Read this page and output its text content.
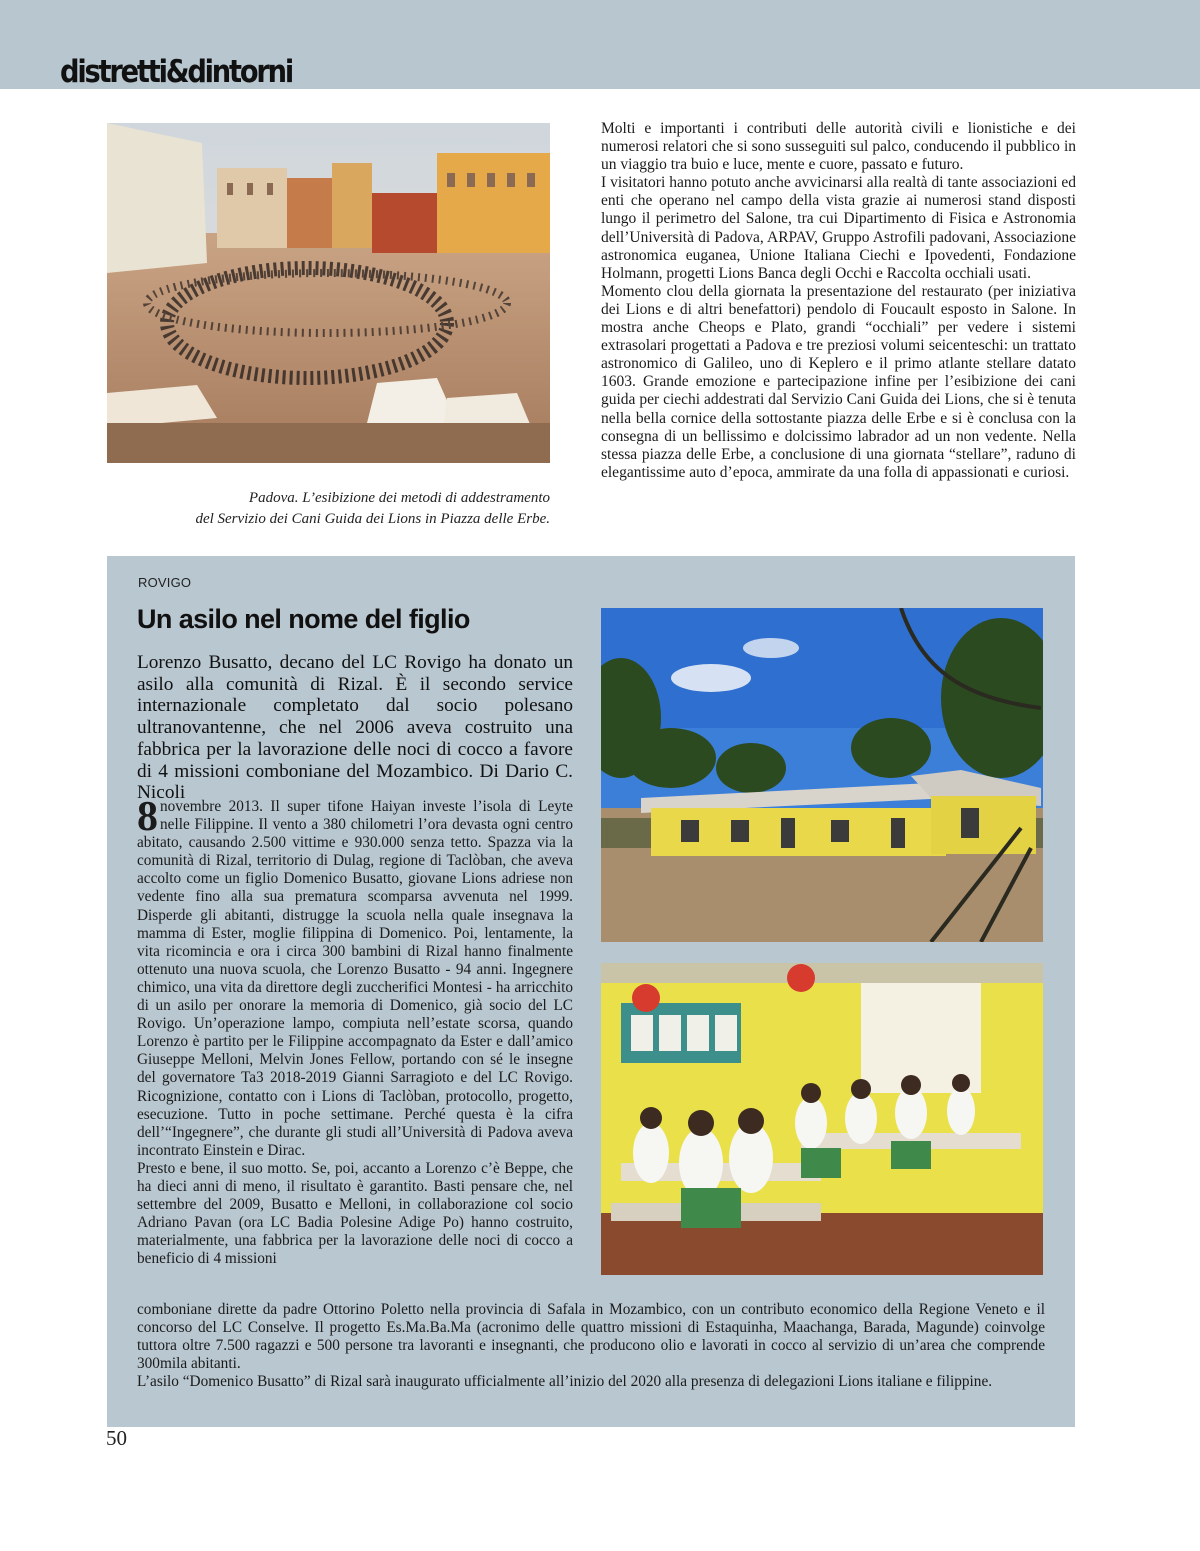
distretti&dintorni
Padova. L’esibizione dei metodi di addestramento
del Servizio dei Cani Guida dei Lions in Piazza delle Erbe.

Molti e importanti i contributi delle autorità civili e lionistiche e dei numerosi relatori che si sono susseguiti sul palco, conducendo il pubblico in un viaggio tra buio e luce, mente e cuore, passato e futuro.

I visitatori hanno potuto anche avvicinarsi alla realtà di tante associazioni ed enti che operano nel campo della vista grazie ai numerosi stand disposti lungo il perimetro del Salone, tra cui Dipartimento di Fisica e Astronomia dell’Università di Padova, ARPAV, Gruppo Astrofili padovani, Associazione astronomica euganea, Unione Italiana Ciechi e Ipovedenti, Fondazione Holmann, progetti Lions Banca degli Occhi e Raccolta occhiali usati.

Momento clou della giornata la presentazione del restaurato (per iniziativa dei Lions e di altri benefattori) pendolo di Foucault esposto in Salone. In mostra anche Cheops e Plato, grandi “occhiali” per vedere i sistemi extrasolari progettati a Padova e tre preziosi volumi seicenteschi: un trattato astronomico di Galileo, uno di Keplero e il primo atlante stellare datato 1603. Grande emozione e partecipazione infine per l’esibizione dei cani guida per ciechi addestrati dal Servizio Cani Guida dei Lions, che si è tenuta nella bella cornice della sottostante piazza delle Erbe e si è conclusa con la consegna di un bellissimo e dolcissimo labrador ad un non vedente. Nella stessa piazza delle Erbe, a conclusione di una giornata “stellare”, raduno di elegantissime auto d’epoca, ammirate da una folla di appassionati e curiosi.

ROVIGO
Un asilo nel nome del figlio
Lorenzo Busatto, decano del LC Rovigo ha donato un asilo alla comunità di Rizal. È il secondo service internazionale completato dal socio polesano ultranovantenne, che nel 2006 aveva costruito una fabbrica per la lavorazione delle noci di cocco a favore di 4 missioni comboniane del Mozambico. Di Dario C. Nicoli

8 novembre 2013. Il super tifone Haiyan investe l’isola di Leyte nelle Filippine. Il vento a 380 chilometri l’ora devasta ogni centro abitato, causando 2.500 vittime e 930.000 senza tetto. Spazza via la comunità di Rizal, territorio di Dulag, regione di Taclòban, che aveva accolto come un figlio Domenico Busatto, giovane Lions adriese non vedente fino alla sua prematura scomparsa avvenuta nel 1999. Disperde gli abitanti, distrugge la scuola nella quale insegnava la mamma di Ester, moglie filippina di Domenico. Poi, lentamente, la vita ricomincia e ora i circa 300 bambini di Rizal hanno finalmente ottenuto una nuova scuola, che Lorenzo Busatto - 94 anni. Ingegnere chimico, una vita da direttore degli zuccherifici Montesi - ha arricchito di un asilo per onorare la memoria di Domenico, già socio del LC Rovigo. Un’operazione lampo, compiuta nell’estate scorsa, quando Lorenzo è partito per le Filippine accompagnato da Ester e dall’amico Giuseppe Melloni, Melvin Jones Fellow, portando con sé le insegne del governatore Ta3 2018-2019 Gianni Sarragioto e del LC Rovigo. Ricognizione, contatto con i Lions di Taclòban, protocollo, progetto, esecuzione. Tutto in poche settimane. Perché questa è la cifra dell’“Ingegnere”, che durante gli studi all’Università di Padova aveva incontrato Einstein e Dirac.

Presto e bene, il suo motto. Se, poi, accanto a Lorenzo c’è Beppe, che ha dieci anni di meno, il risultato è garantito. Basti pensare che, nel settembre del 2009, Busatto e Melloni, in collaborazione col socio Adriano Pavan (ora LC Badia Polesine Adige Po) hanno costruito, materialmente, una fabbrica per la lavorazione delle noci di cocco a beneficio di 4 missioni

comboniane dirette da padre Ottorino Poletto nella provincia di Safala in Mozambico, con un contributo economico della Regione Veneto e il concorso del LC Conselve. Il progetto Es.Ma.Ba.Ma (acronimo delle quattro missioni di Estaquinha, Maachanga, Barada, Magunde) coinvolge tuttora oltre 7.500 ragazzi e 500 persone tra lavoranti e insegnanti, che producono olio e lavorati in cocco al servizio di un’area che comprende 300mila abitanti.

L’asilo “Domenico Busatto” di Rizal sarà inaugurato ufficialmente all’inizio del 2020 alla presenza di delegazioni Lions italiane e filippine.

50
